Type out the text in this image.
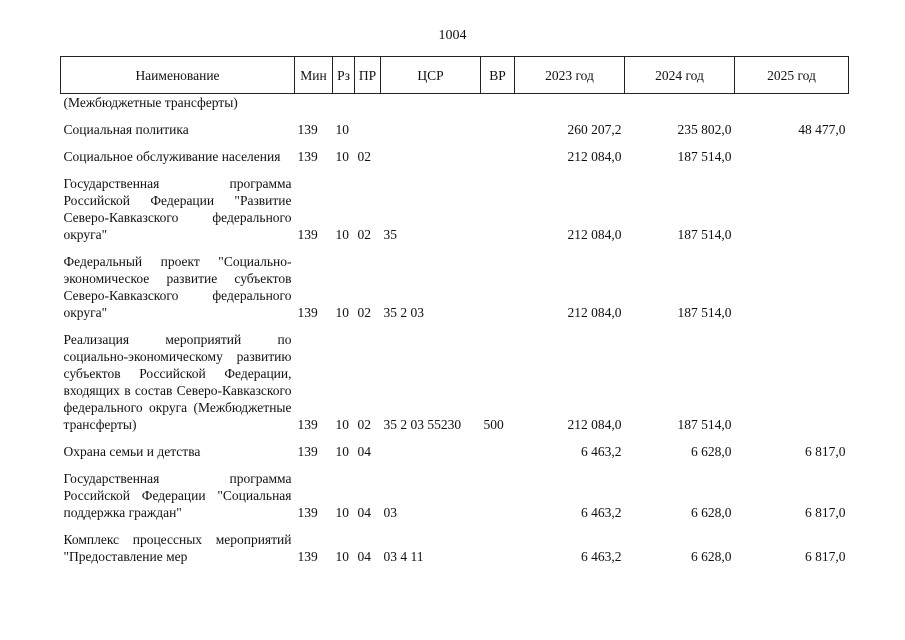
1004
Наименование	Мин	Рз	ПР	ЦСР	ВР	2023 год	2024 год	2025 год
(Межбюджетные трансферты)								

Социальная политика	139	10				260 207,2	235 802,0	48 477,0

Социальное обслуживание населения	139	10	02			212 084,0	187 514,0	

Государственная программа Российской Федерации "Развитие Северо-Кавказского федерального округа"	139	10	02	35		212 084,0	187 514,0	

Федеральный проект "Социально-экономическое развитие субъектов Северо-Кавказского федерального округа"	139	10	02	35 2 03		212 084,0	187 514,0	

Реализация мероприятий по социально-экономическому развитию субъектов Российской Федерации, входящих в состав Северо-Кавказского федерального округа (Межбюджетные трансферты)	139	10	02	35 2 03 55230	500	212 084,0	187 514,0	

Охрана семьи и детства	139	10	04			6 463,2	6 628,0	6 817,0

Государственная программа Российской Федерации "Социальная поддержка граждан"	139	10	04	03		6 463,2	6 628,0	6 817,0

Комплекс процессных мероприятий "Предоставление мер	139	10	04	03 4 11		6 463,2	6 628,0	6 817,0
